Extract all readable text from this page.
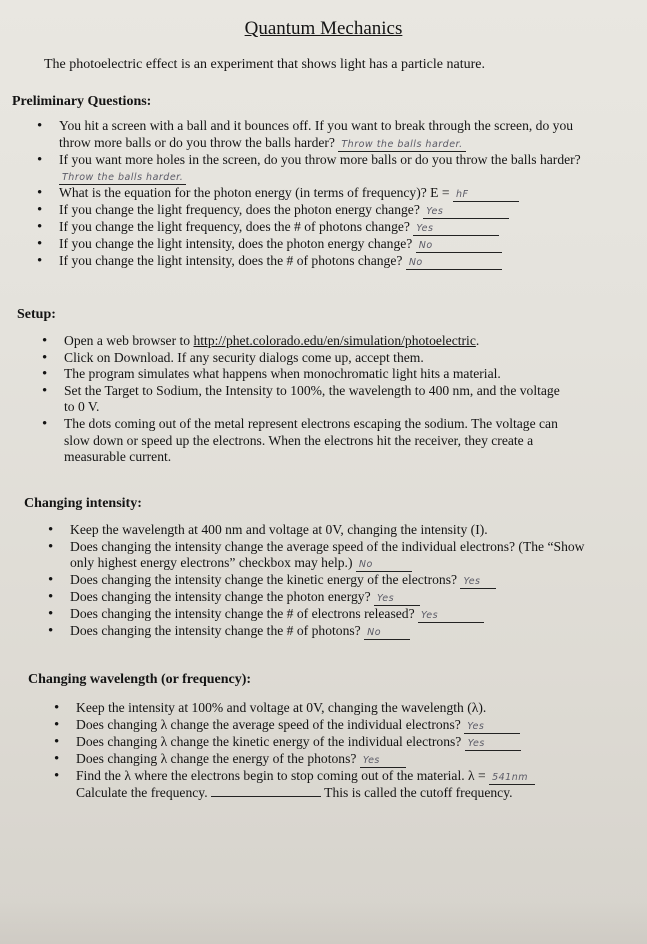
Quantum Mechanics
The photoelectric effect is an experiment that shows light has a particle nature.
Preliminary Questions:
• You hit a screen with a ball and it bounces off. If you want to break through the screen, do you throw more balls or do you throw the balls harder? Throw the balls harder.
• If you want more holes in the screen, do you throw more balls or do you throw the balls harder? Throw the balls harder.
• What is the equation for the photon energy (in terms of frequency)? E = hF
• If you change the light frequency, does the photon energy change? Yes
• If you change the light frequency, does the # of photons change? Yes
• If you change the light intensity, does the photon energy change? No
• If you change the light intensity, does the # of photons change? No
Setup:
• Open a web browser to http://phet.colorado.edu/en/simulation/photoelectric.
• Click on Download. If any security dialogs come up, accept them.
• The program simulates what happens when monochromatic light hits a material.
• Set the Target to Sodium, the Intensity to 100%, the wavelength to 400 nm, and the voltage to 0 V.
• The dots coming out of the metal represent electrons escaping the sodium. The voltage can slow down or speed up the electrons. When the electrons hit the receiver, they create a measurable current.
Changing intensity:
• Keep the wavelength at 400 nm and voltage at 0V, changing the intensity (I).
• Does changing the intensity change the average speed of the individual electrons? (The “Show only highest energy electrons” checkbox may help.) No
• Does changing the intensity change the kinetic energy of the electrons? Yes
• Does changing the intensity change the photon energy? Yes
• Does changing the intensity change the # of electrons released? Yes
• Does changing the intensity change the # of photons? No
Changing wavelength (or frequency):
• Keep the intensity at 100% and voltage at 0V, changing the wavelength (λ).
• Does changing λ change the average speed of the individual electrons? Yes
• Does changing λ change the kinetic energy of the individual electrons? Yes
• Does changing λ change the energy of the photons? Yes
• Find the λ where the electrons begin to stop coming out of the material. λ = 541nm
Calculate the frequency.	This is called the cutoff frequency.
